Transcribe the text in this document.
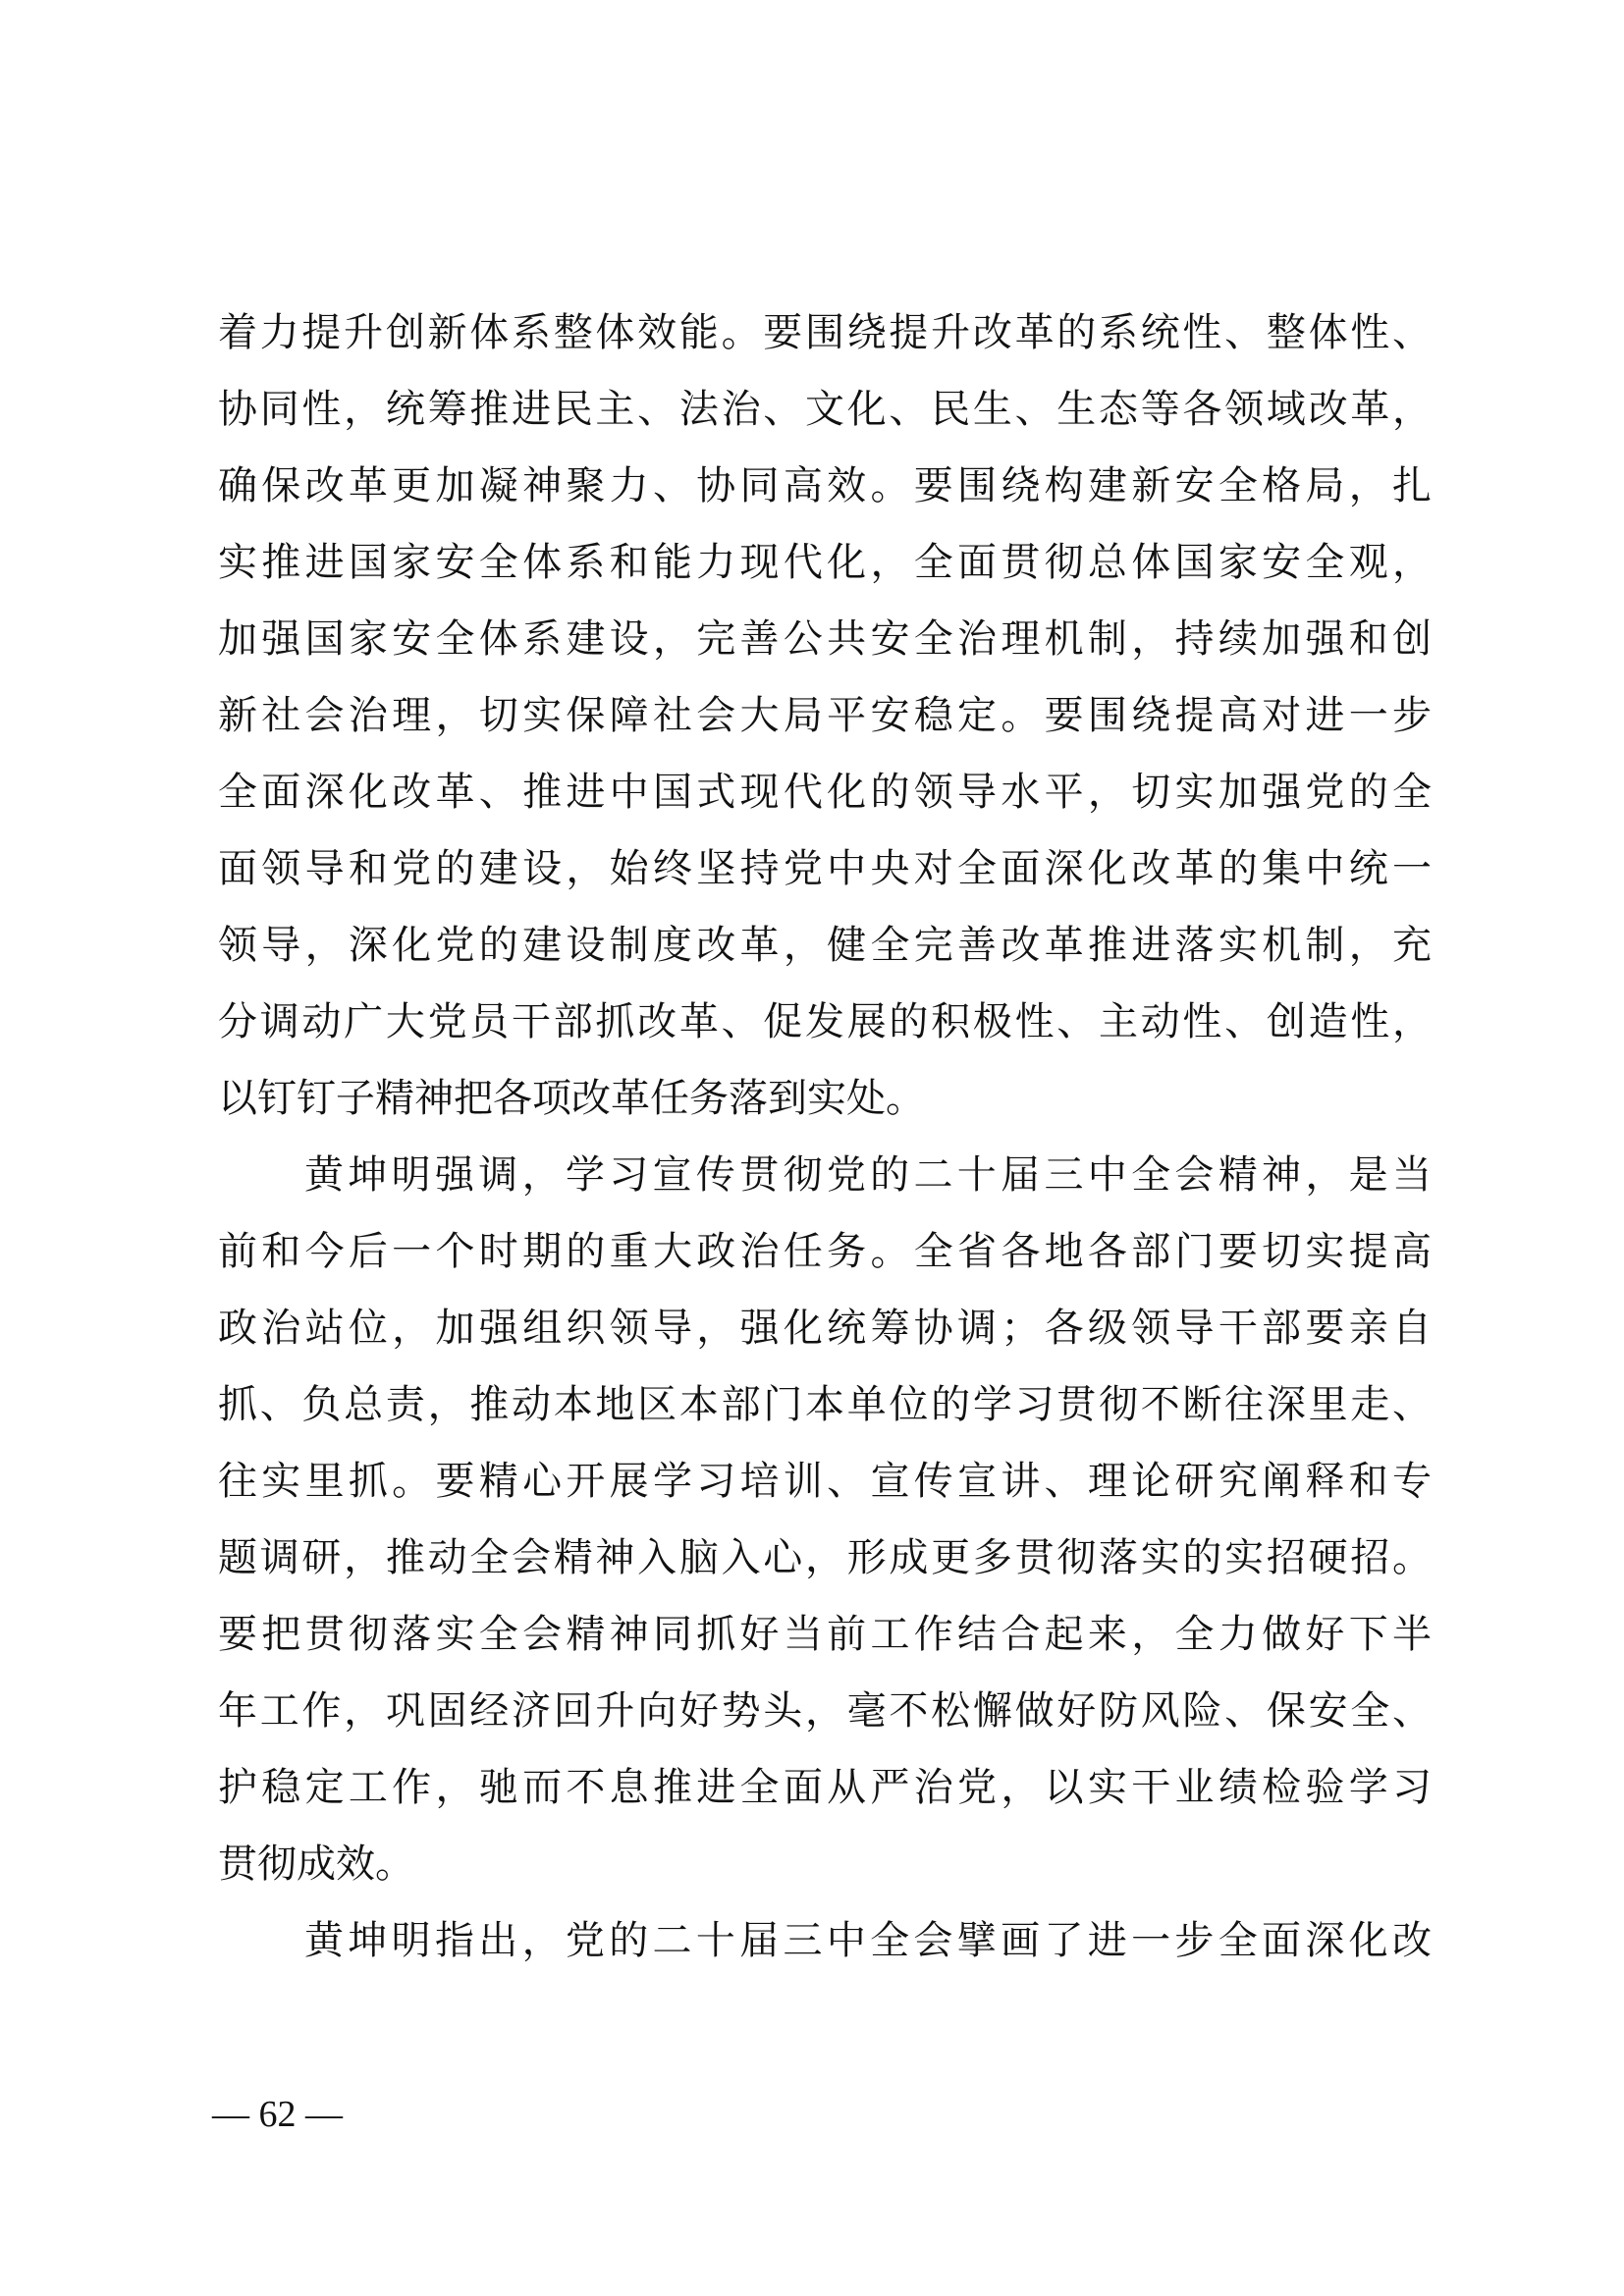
着力提升创新体系整体效能。要围绕提升改革的系统性、整体性、
协同性，统筹推进民主、法治、文化、民生、生态等各领域改革，
确保改革更加凝神聚力、协同高效。要围绕构建新安全格局，扎
实推进国家安全体系和能力现代化，全面贯彻总体国家安全观，
加强国家安全体系建设，完善公共安全治理机制，持续加强和创
新社会治理，切实保障社会大局平安稳定。要围绕提高对进一步
全面深化改革、推进中国式现代化的领导水平，切实加强党的全
面领导和党的建设，始终坚持党中央对全面深化改革的集中统一
领导，深化党的建设制度改革，健全完善改革推进落实机制，充
分调动广大党员干部抓改革、促发展的积极性、主动性、创造性，
以钉钉子精神把各项改革任务落到实处。
黄坤明强调，学习宣传贯彻党的二十届三中全会精神，是当
前和今后一个时期的重大政治任务。全省各地各部门要切实提高
政治站位，加强组织领导，强化统筹协调；各级领导干部要亲自
抓、负总责，推动本地区本部门本单位的学习贯彻不断往深里走、
往实里抓。要精心开展学习培训、宣传宣讲、理论研究阐释和专
题调研，推动全会精神入脑入心，形成更多贯彻落实的实招硬招。
要把贯彻落实全会精神同抓好当前工作结合起来，全力做好下半
年工作，巩固经济回升向好势头，毫不松懈做好防风险、保安全、
护稳定工作，驰而不息推进全面从严治党，以实干业绩检验学习
贯彻成效。
黄坤明指出，党的二十届三中全会擘画了进一步全面深化改
— 62 —
